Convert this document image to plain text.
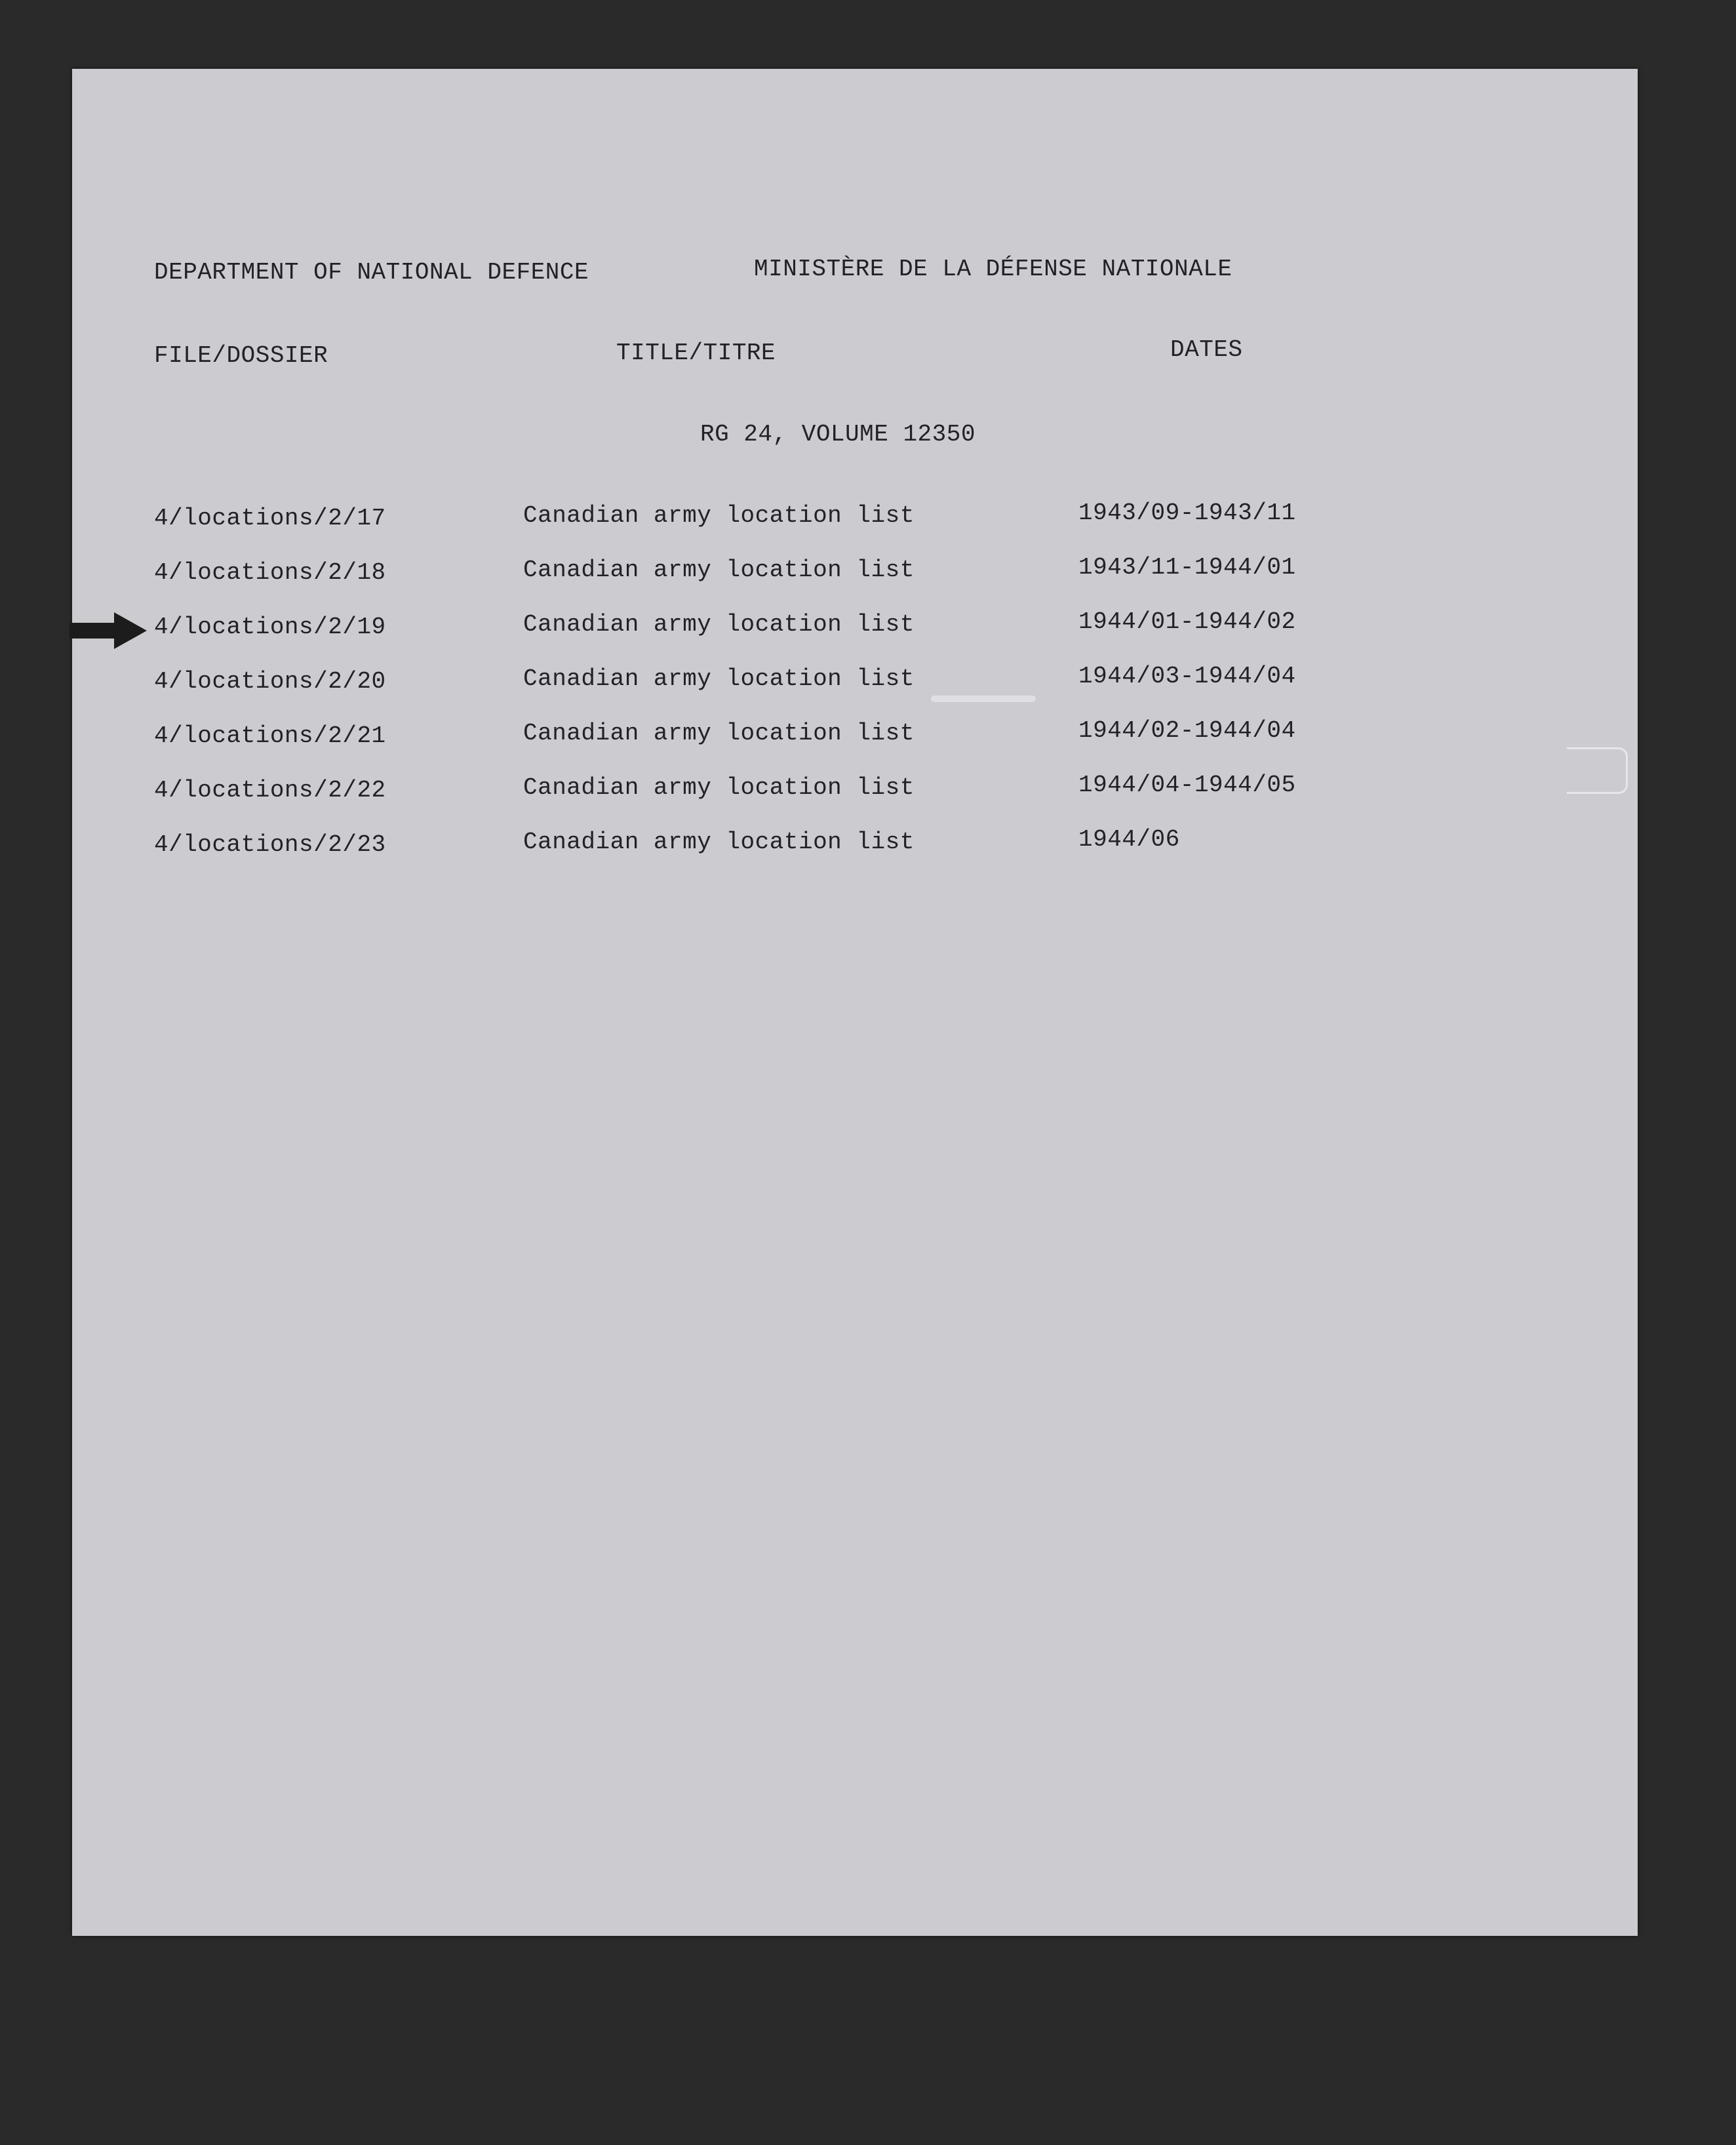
DEPARTMENT OF NATIONAL DEFENCE	MINISTÈRE DE LA DÉFENSE NATIONALE
FILE/DOSSIER	TITLE/TITRE	DATES
RG 24, VOLUME 12350
4/locations/2/17	Canadian army location list	1943/09-1943/11
4/locations/2/18	Canadian army location list	1943/11-1944/01
4/locations/2/19	Canadian army location list	1944/01-1944/02
4/locations/2/20	Canadian army location list	1944/03-1944/04
4/locations/2/21	Canadian army location list	1944/02-1944/04
4/locations/2/22	Canadian army location list	1944/04-1944/05
4/locations/2/23	Canadian army location list	1944/06
